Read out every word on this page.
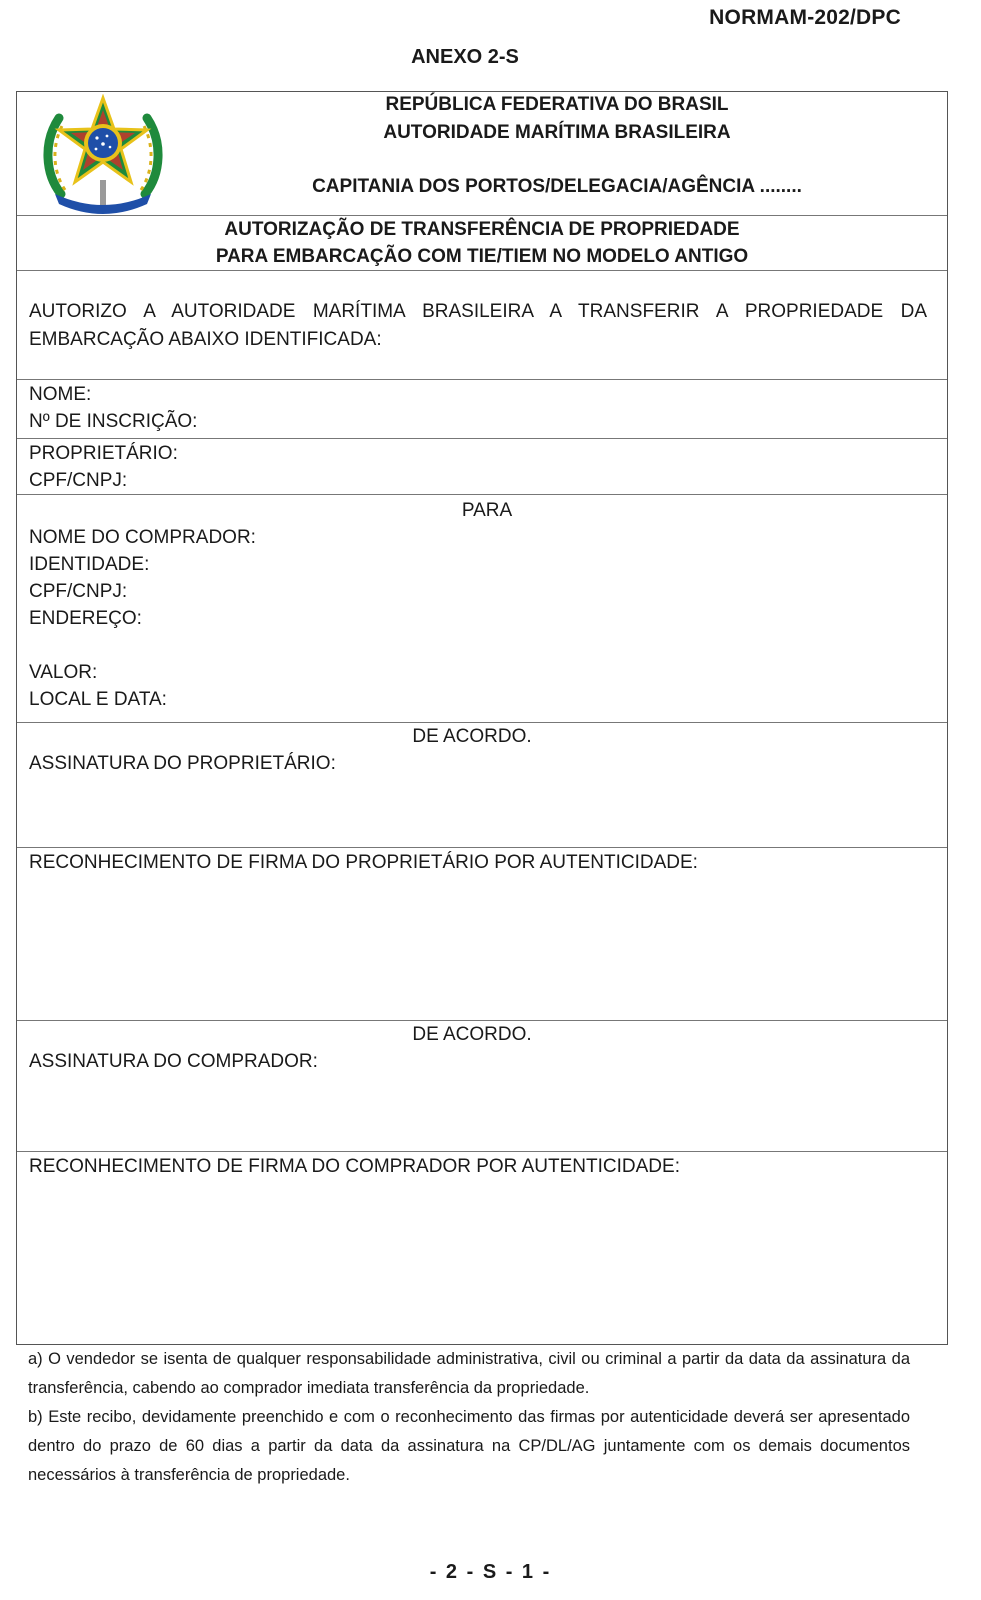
NORMAM-202/DPC
ANEXO 2-S
REPÚBLICA FEDERATIVA DO BRASIL
AUTORIDADE MARÍTIMA BRASILEIRA
CAPITANIA DOS PORTOS/DELEGACIA/AGÊNCIA ........
AUTORIZAÇÃO DE TRANSFERÊNCIA DE PROPRIEDADE
PARA EMBARCAÇÃO COM TIE/TIEM NO MODELO ANTIGO
AUTORIZO A AUTORIDADE MARÍTIMA BRASILEIRA A TRANSFERIR A PROPRIEDADE DA EMBARCAÇÃO ABAIXO IDENTIFICADA:
NOME:
Nº DE INSCRIÇÃO:
PROPRIETÁRIO:
CPF/CNPJ:
PARA
NOME DO COMPRADOR:
IDENTIDADE:
CPF/CNPJ:
ENDEREÇO:
VALOR:
LOCAL E DATA:
DE ACORDO.
ASSINATURA DO PROPRIETÁRIO:
RECONHECIMENTO DE FIRMA DO PROPRIETÁRIO POR AUTENTICIDADE:
DE ACORDO.
ASSINATURA DO COMPRADOR:
RECONHECIMENTO DE FIRMA DO COMPRADOR POR AUTENTICIDADE:

a) O vendedor se isenta de qualquer responsabilidade administrativa, civil ou criminal a partir da data da assinatura da transferência, cabendo ao comprador imediata transferência da propriedade.

b) Este recibo, devidamente preenchido e com o reconhecimento das firmas por autenticidade deverá ser apresentado dentro do prazo de 60 dias a partir da data da assinatura na CP/DL/AG juntamente com os demais documentos necessários à transferência de propriedade.

- 2 - S - 1 -
